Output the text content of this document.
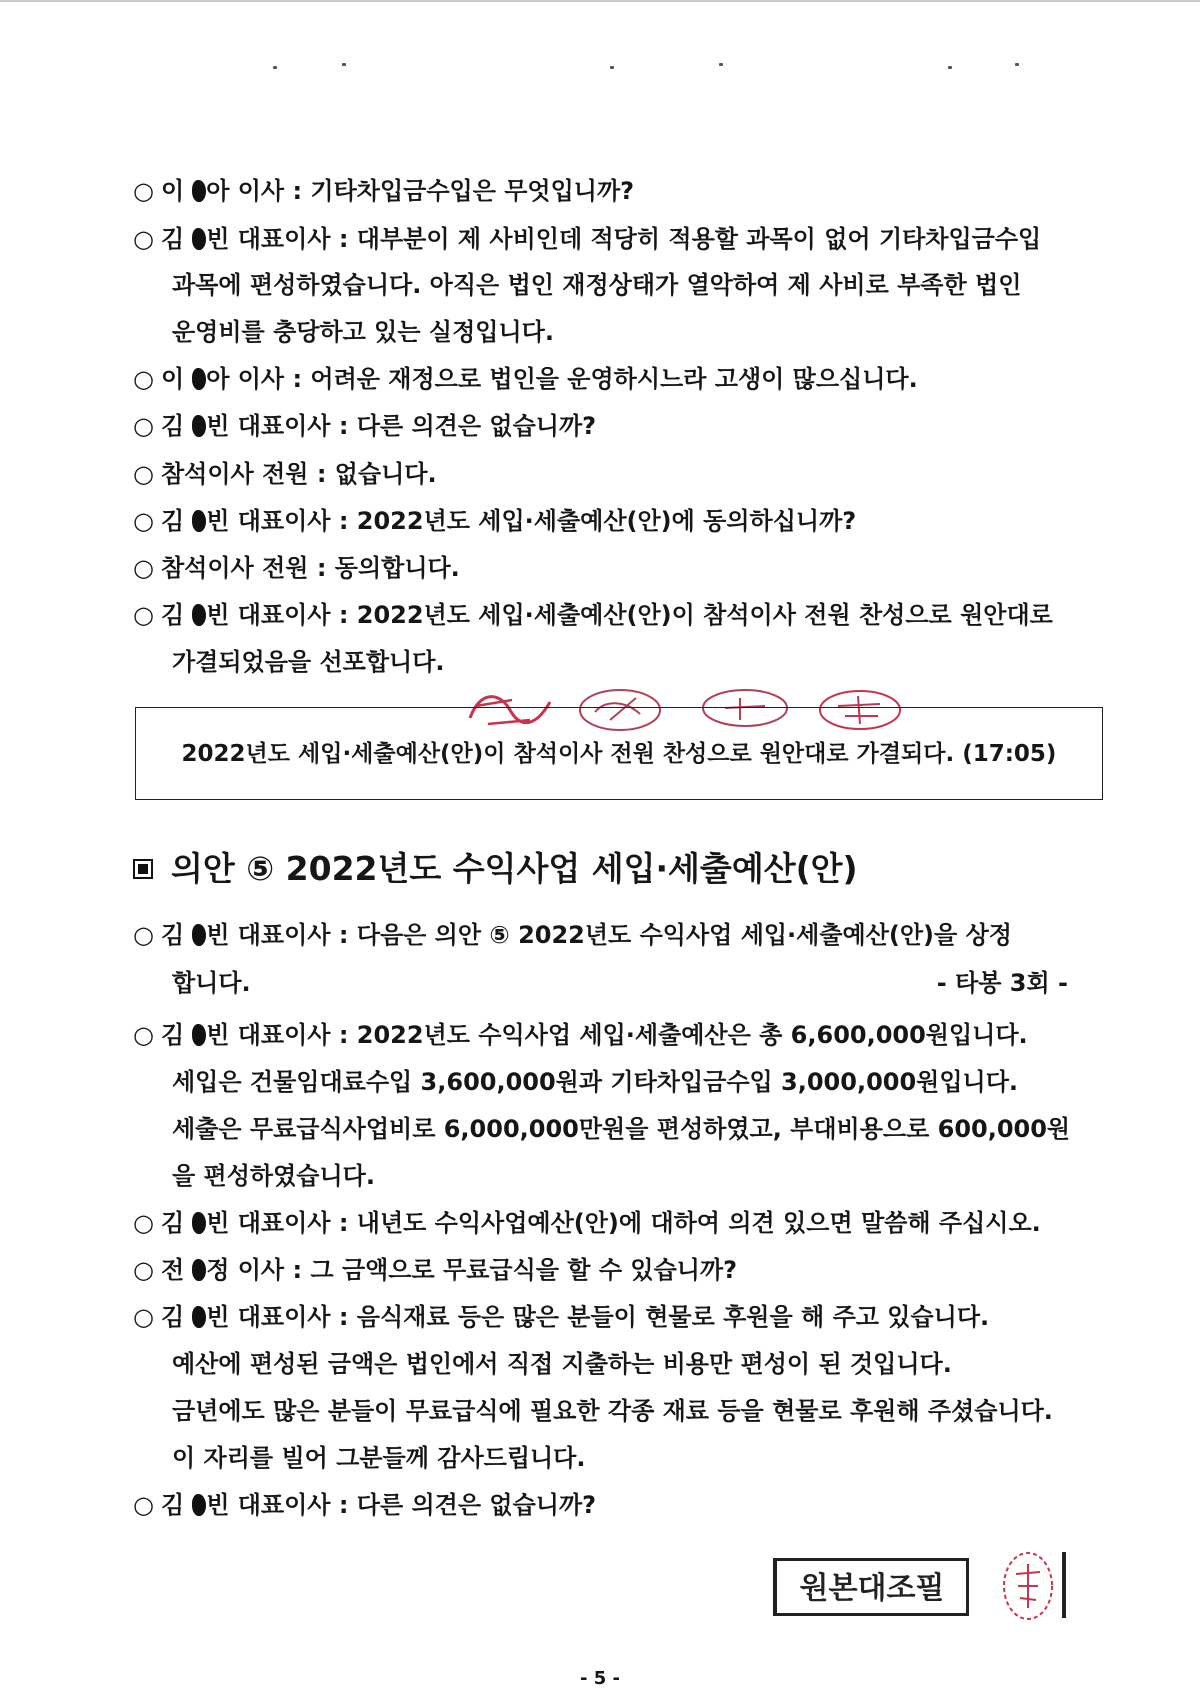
○ 이 아 이사 : 기타차입금수입은 무엇입니까?
○ 김 빈 대표이사 : 대부분이 제 사비인데 적당히 적용할 과목이 없어 기타차입금수입
과목에 편성하였습니다. 아직은 법인 재정상태가 열악하여 제 사비로 부족한 법인
운영비를 충당하고 있는 실정입니다.
○ 이 아 이사 : 어려운 재정으로 법인을 운영하시느라 고생이 많으십니다.
○ 김 빈 대표이사 : 다른 의견은 없습니까?
○ 참석이사 전원 : 없습니다.
○ 김 빈 대표이사 : 2022년도 세입·세출예산(안)에 동의하십니까?
○ 참석이사 전원 : 동의합니다.
○ 김 빈 대표이사 : 2022년도 세입·세출예산(안)이 참석이사 전원 찬성으로 원안대로
가결되었음을 선포합니다.
2022년도 세입·세출예산(안)이 참석이사 전원 찬성으로 원안대로 가결되다. (17:05)
의안 ⑤ 2022년도 수익사업 세입·세출예산(안)
○ 김 빈 대표이사 : 다음은 의안 ⑤ 2022년도 수익사업 세입·세출예산(안)을 상정
합니다.	- 타봉 3회 -
○ 김 빈 대표이사 : 2022년도 수익사업 세입·세출예산은 총 6,600,000원입니다.
세입은 건물임대료수입 3,600,000원과 기타차입금수입 3,000,000원입니다.
세출은 무료급식사업비로 6,000,000만원을 편성하였고, 부대비용으로 600,000원
을 편성하였습니다.
○ 김 빈 대표이사 : 내년도 수익사업예산(안)에 대하여 의견 있으면 말씀해 주십시오.
○ 전 정 이사 : 그 금액으로 무료급식을 할 수 있습니까?
○ 김 빈 대표이사 : 음식재료 등은 많은 분들이 현물로 후원을 해 주고 있습니다.
예산에 편성된 금액은 법인에서 직접 지출하는 비용만 편성이 된 것입니다.
금년에도 많은 분들이 무료급식에 필요한 각종 재료 등을 현물로 후원해 주셨습니다.
이 자리를 빌어 그분들께 감사드립니다.
○ 김 빈 대표이사 : 다른 의견은 없습니까?
원본대조필
- 5 -
